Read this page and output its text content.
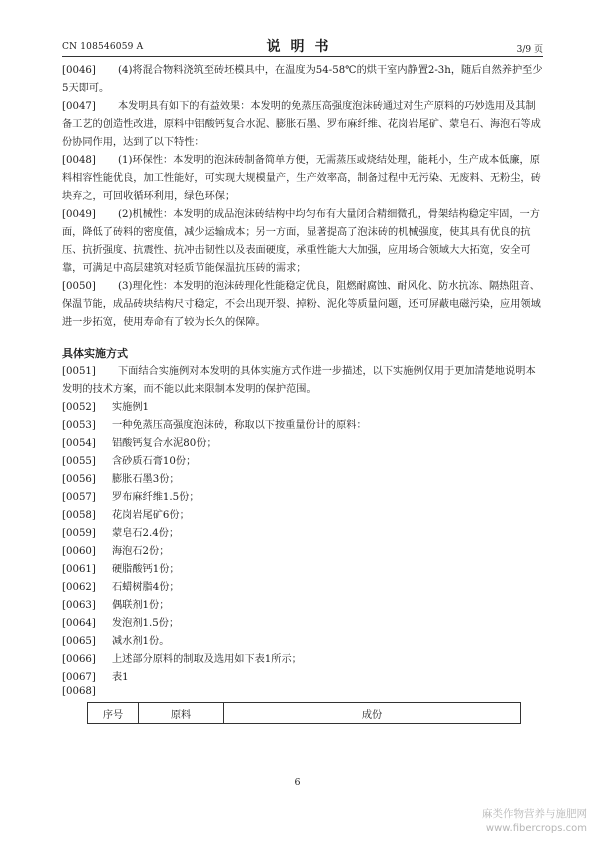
CN 108546059 A	说明书	3/9 页
[0046]	(4)将混合物料浇筑至砖坯模具中，在温度为54-58℃的烘干室内静置2-3h，随后自然养护至少5天即可。

[0047]	本发明具有如下的有益效果：本发明的免蒸压高强度泡沫砖通过对生产原料的巧妙选用及其制备工艺的创造性改进，原料中铝酸钙复合水泥、膨胀石墨、罗布麻纤维、花岗岩尾矿、蒙皂石、海泡石等成份协同作用，达到了以下特性：

[0048]	(1)环保性：本发明的泡沫砖制备简单方便，无需蒸压或烧结处理，能耗小，生产成本低廉，原料相容性能优良，加工性能好，可实现大规模量产，生产效率高，制备过程中无污染、无废料、无粉尘，砖块弃之，可回收循环利用，绿色环保；

[0049]	(2)机械性：本发明的成品泡沫砖结构中均匀布有大量闭合精细微孔，骨架结构稳定牢固，一方面，降低了砖料的密度值，减少运输成本；另一方面，显著提高了泡沫砖的机械强度，使其具有优良的抗压、抗折强度、抗震性、抗冲击韧性以及表面硬度，承重性能大大加强，应用场合领域大大拓宽，安全可靠，可满足中高层建筑对轻质节能保温抗压砖的需求；

[0050]	(3)理化性：本发明的泡沫砖理化性能稳定优良，阻燃耐腐蚀、耐风化、防水抗冻、隔热阻音、保温节能，成品砖块结构尺寸稳定，不会出现开裂、掉粉、泥化等质量问题，还可屏蔽电磁污染，应用领域进一步拓宽，使用寿命有了较为长久的保障。

具体实施方式
[0051]	下面结合实施例对本发明的具体实施方式作进一步描述，以下实施例仅用于更加清楚地说明本发明的技术方案，而不能以此来限制本发明的保护范围。

[0052] 实施例1
[0053] 一种免蒸压高强度泡沫砖，称取以下按重量份计的原料：
[0054] 铝酸钙复合水泥80份；
[0055] 含砂质石膏10份；
[0056] 膨胀石墨3份；
[0057] 罗布麻纤维1.5份；
[0058] 花岗岩尾矿6份；
[0059] 蒙皂石2.4份；
[0060] 海泡石2份；
[0061] 硬脂酸钙1份；
[0062] 石蜡树脂4份；
[0063] 偶联剂1份；
[0064] 发泡剂1.5份；
[0065] 减水剂1份。
[0066] 上述部分原料的制取及选用如下表1所示；
[0067] 表1
[0068]
序号	原料	成份
6
麻类作物营养与施肥网
www.fibercrops.com
